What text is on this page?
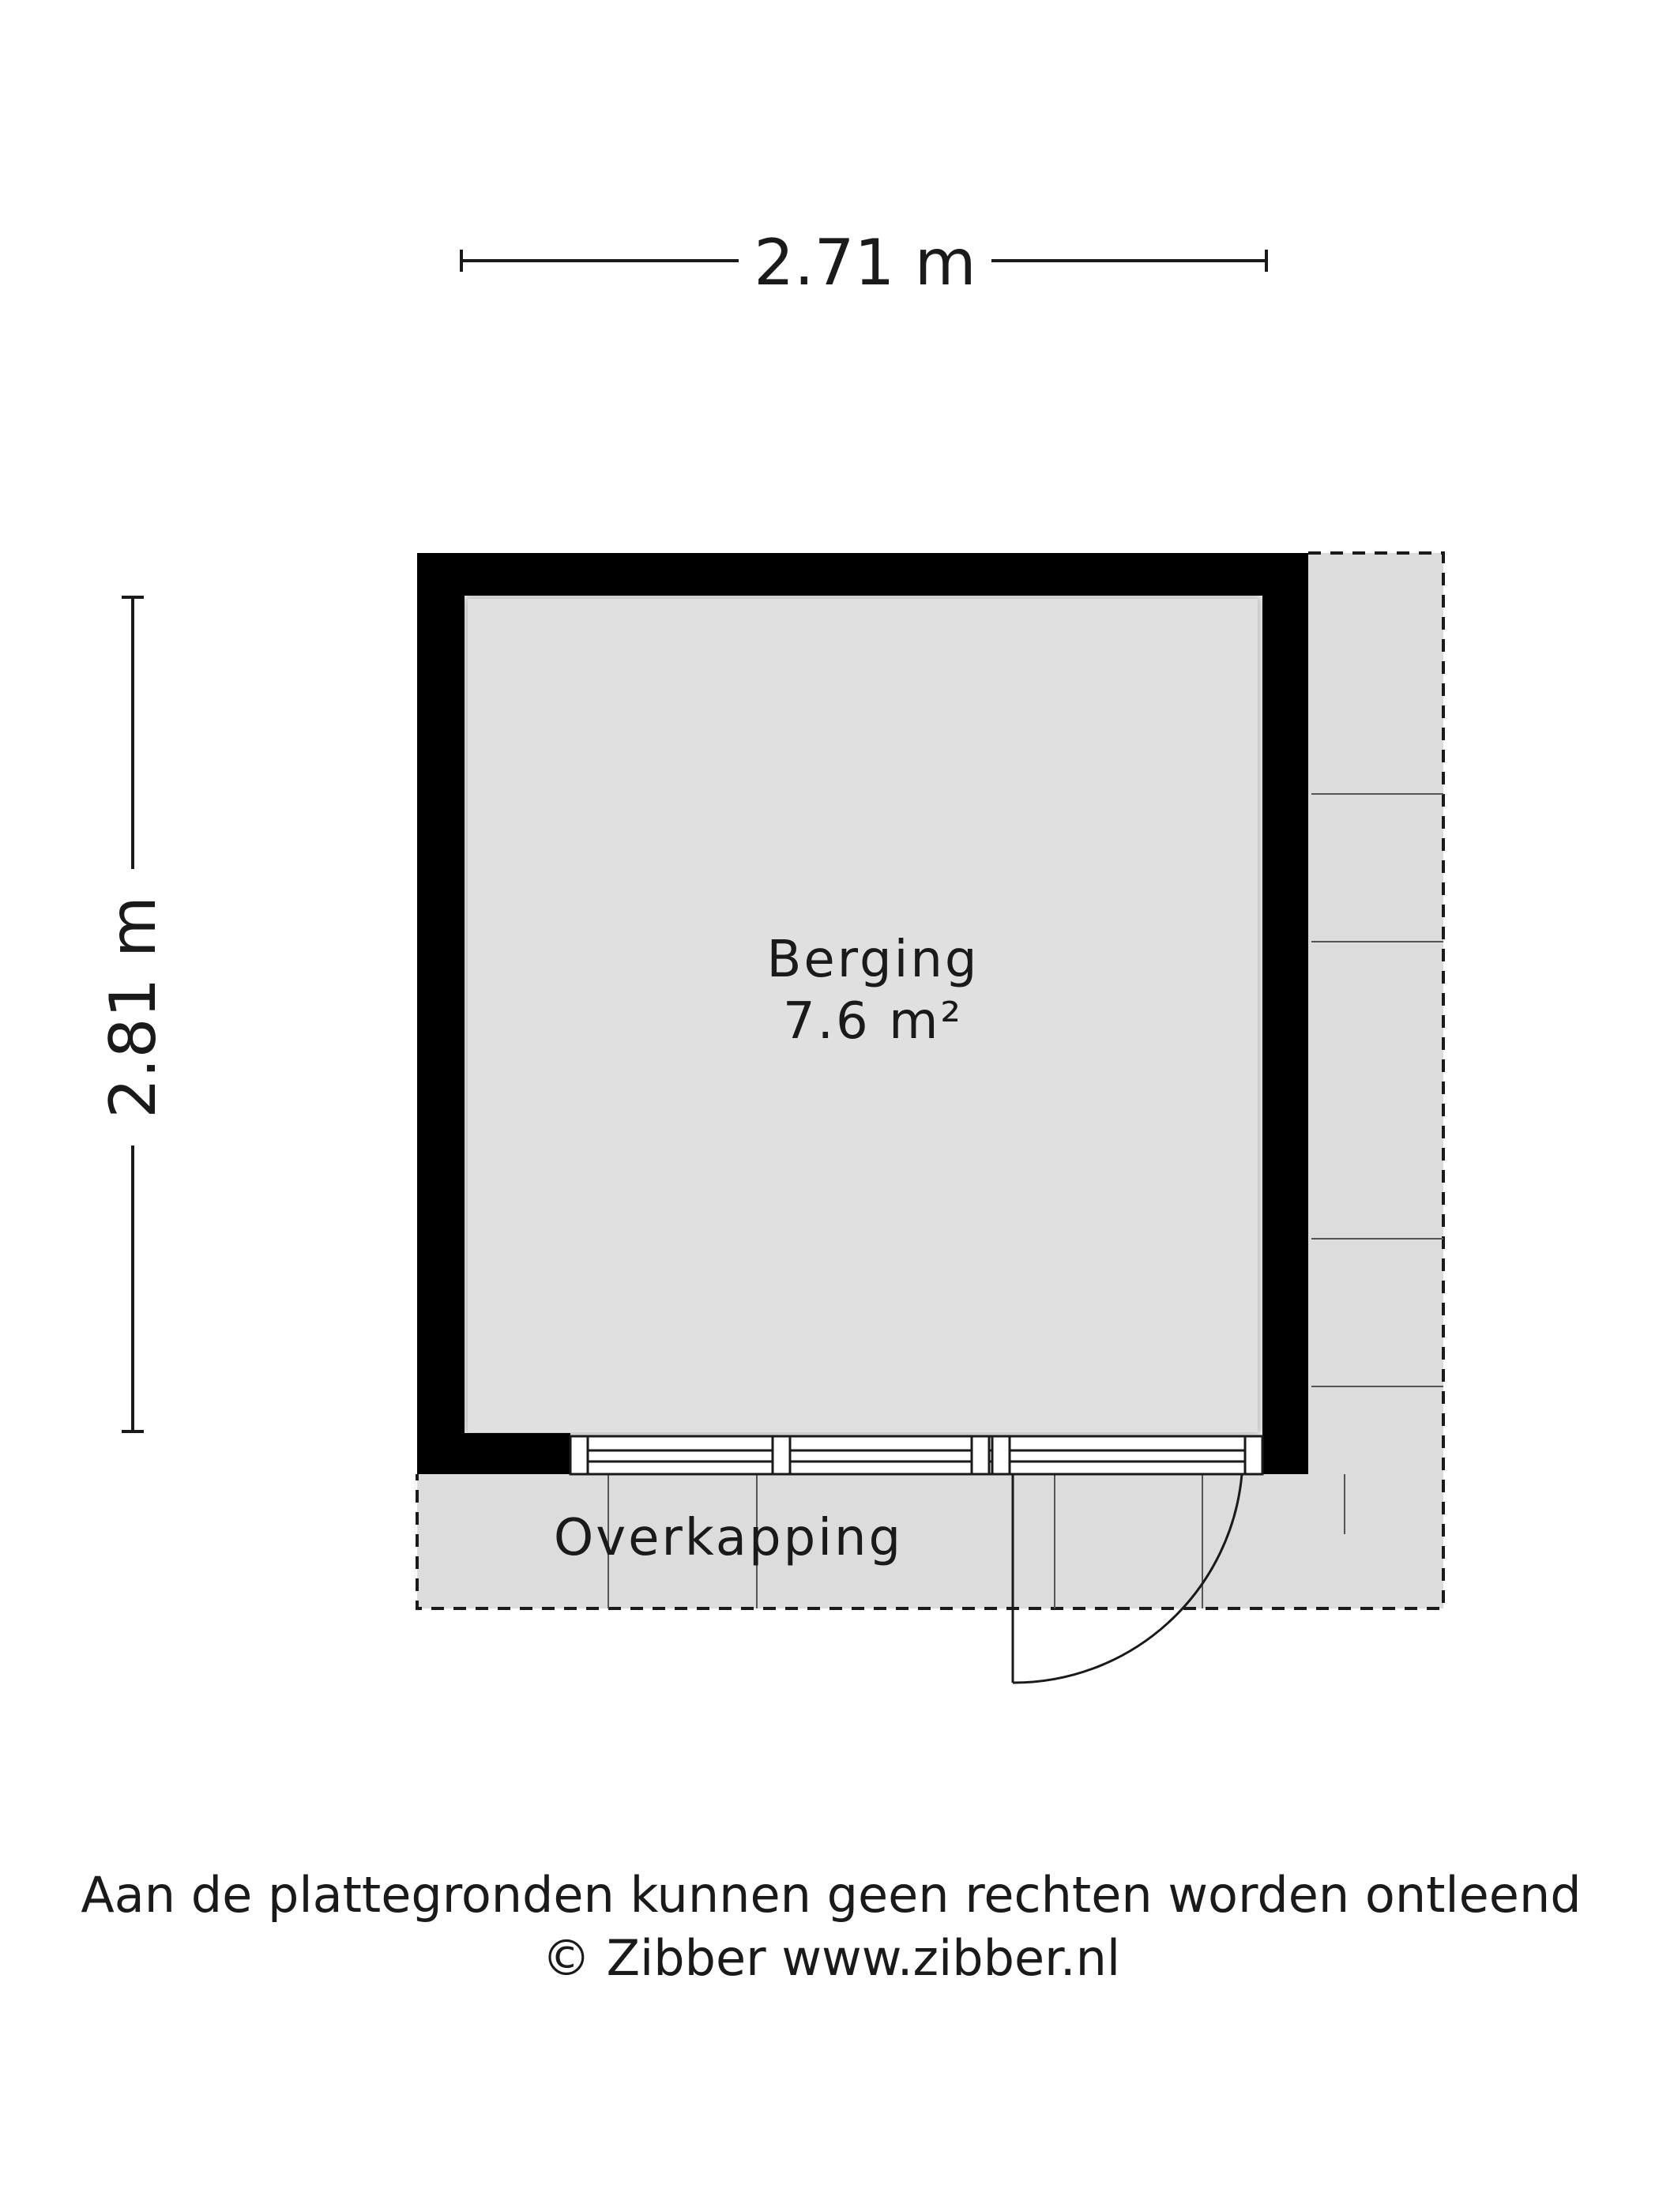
2.71 m
2.81 m
Overkapping
Berging
7.6 m²
Aan de plattegronden kunnen geen rechten worden ontleend
© Zibber www.zibber.nl
